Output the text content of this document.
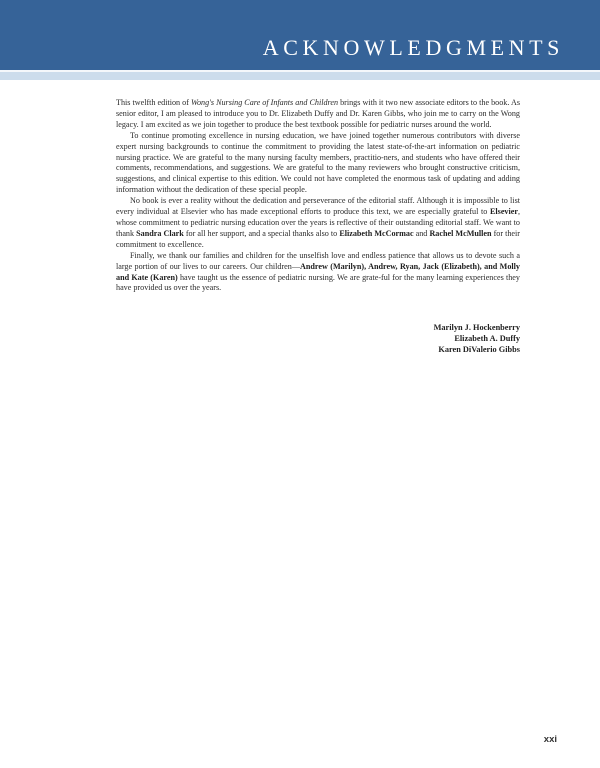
ACKNOWLEDGMENTS

This twelfth edition of Wong's Nursing Care of Infants and Children brings with it two new associate editors to the book. As senior editor, I am pleased to introduce you to Dr. Elizabeth Duffy and Dr. Karen Gibbs, who join me to carry on the Wong legacy. I am excited as we join together to produce the best textbook possible for pediatric nurses around the world.

To continue promoting excellence in nursing education, we have joined together numerous contributors with diverse expert nursing backgrounds to continue the commitment to providing the latest state-of-the-art information on pediatric nursing practice. We are grateful to the many nursing faculty members, practitio-ners, and students who have offered their comments, recommendations, and suggestions. We are grateful to the many reviewers who brought constructive criticism, suggestions, and clinical expertise to this edition. We could not have completed the enormous task of updating and adding information without the dedication of these special people.

No book is ever a reality without the dedication and perseverance of the editorial staff. Although it is impossible to list every individual at Elsevier who has made exceptional efforts to produce this text, we are especially grateful to Elsevier, whose commitment to pediatric nursing education over the years is reflective of their outstanding editorial staff. We want to thank Sandra Clark for all her support, and a special thanks also to Elizabeth McCormac and Rachel McMullen for their commitment to excellence.

Finally, we thank our families and children for the unselfish love and endless patience that allows us to devote such a large portion of our lives to our careers. Our children—Andrew (Marilyn), Andrew, Ryan, Jack (Elizabeth), and Molly and Kate (Karen) have taught us the essence of pediatric nursing. We are grate-ful for the many learning experiences they have provided us over the years.

Marilyn J. Hockenberry
Elizabeth A. Duffy
Karen DiValerio Gibbs
xxi
